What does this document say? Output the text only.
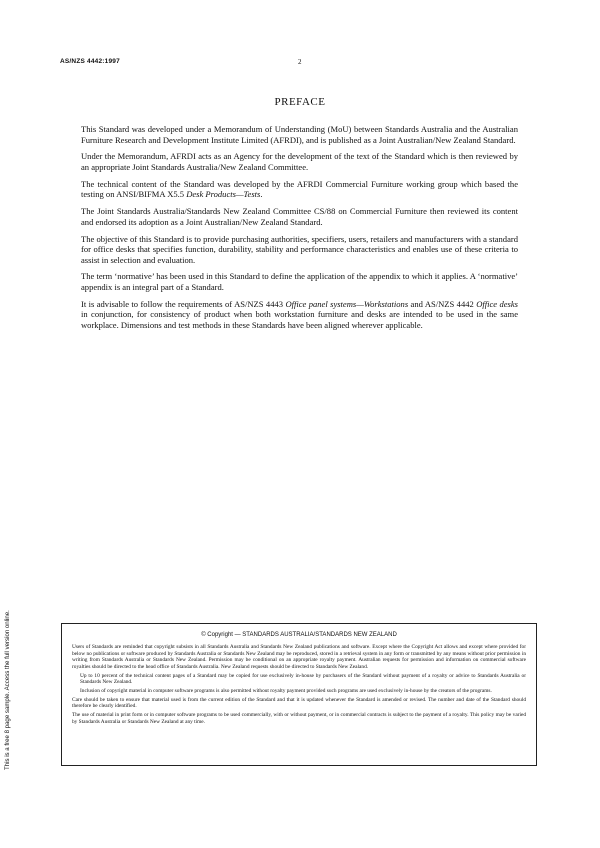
AS/NZS 4442:1997	2
PREFACE

This Standard was developed under a Memorandum of Understanding (MoU) between Standards Australia and the Australian Furniture Research and Development Institute Limited (AFRDI), and is published as a Joint Australian/New Zealand Standard.

Under the Memorandum, AFRDI acts as an Agency for the development of the text of the Standard which is then reviewed by an appropriate Joint Standards Australia/New Zealand Committee.

The technical content of the Standard was developed by the AFRDI Commercial Furniture working group which based the testing on ANSI/BIFMA X5.5 Desk Products—Tests.

The Joint Standards Australia/Standards New Zealand Committee CS/88 on Commercial Furniture then reviewed its content and endorsed its adoption as a Joint Australian/New Zealand Standard.

The objective of this Standard is to provide purchasing authorities, specifiers, users, retailers and manufacturers with a standard for office desks that specifies function, durability, stability and performance characteristics and enables use of these criteria to assist in selection and evaluation.

The term ‘normative’ has been used in this Standard to define the application of the appendix to which it applies. A ‘normative’ appendix is an integral part of a Standard.

It is advisable to follow the requirements of AS/NZS 4443 Office panel systems—Workstations and AS/NZS 4442 Office desks in conjunction, for consistency of product when both workstation furniture and desks are intended to be used in the same workplace. Dimensions and test methods in these Standards have been aligned wherever applicable.

© Copyright — STANDARDS AUSTRALIA/STANDARDS NEW ZEALAND

Users of Standards are reminded that copyright subsists in all Standards Australia and Standards New Zealand publications and software. Except where the Copyright Act allows and except where provided for below no publications or software produced by Standards Australia or Standards New Zealand may be reproduced, stored in a retrieval system in any form or transmitted by any means without prior permission in writing from Standards Australia or Standards New Zealand. Permission may be conditional on an appropriate royalty payment. Australian requests for permission and information on commercial software royalties should be directed to the head office of Standards Australia. New Zealand requests should be directed to Standards New Zealand.

Up to 10 percent of the technical content pages of a Standard may be copied for use exclusively in-house by purchasers of the Standard without payment of a royalty or advice to Standards Australia or Standards New Zealand.

Inclusion of copyright material in computer software programs is also permitted without royalty payment provided such programs are used exclusively in-house by the creators of the programs.

Care should be taken to ensure that material used is from the current edition of the Standard and that it is updated whenever the Standard is amended or revised. The number and date of the Standard should therefore be clearly identified.

The use of material in print form or in computer software programs to be used commercially, with or without payment, or in commercial contracts is subject to the payment of a royalty. This policy may be varied by Standards Australia or Standards New Zealand at any time.

This is a free 8 page sample. Access the full version online.
